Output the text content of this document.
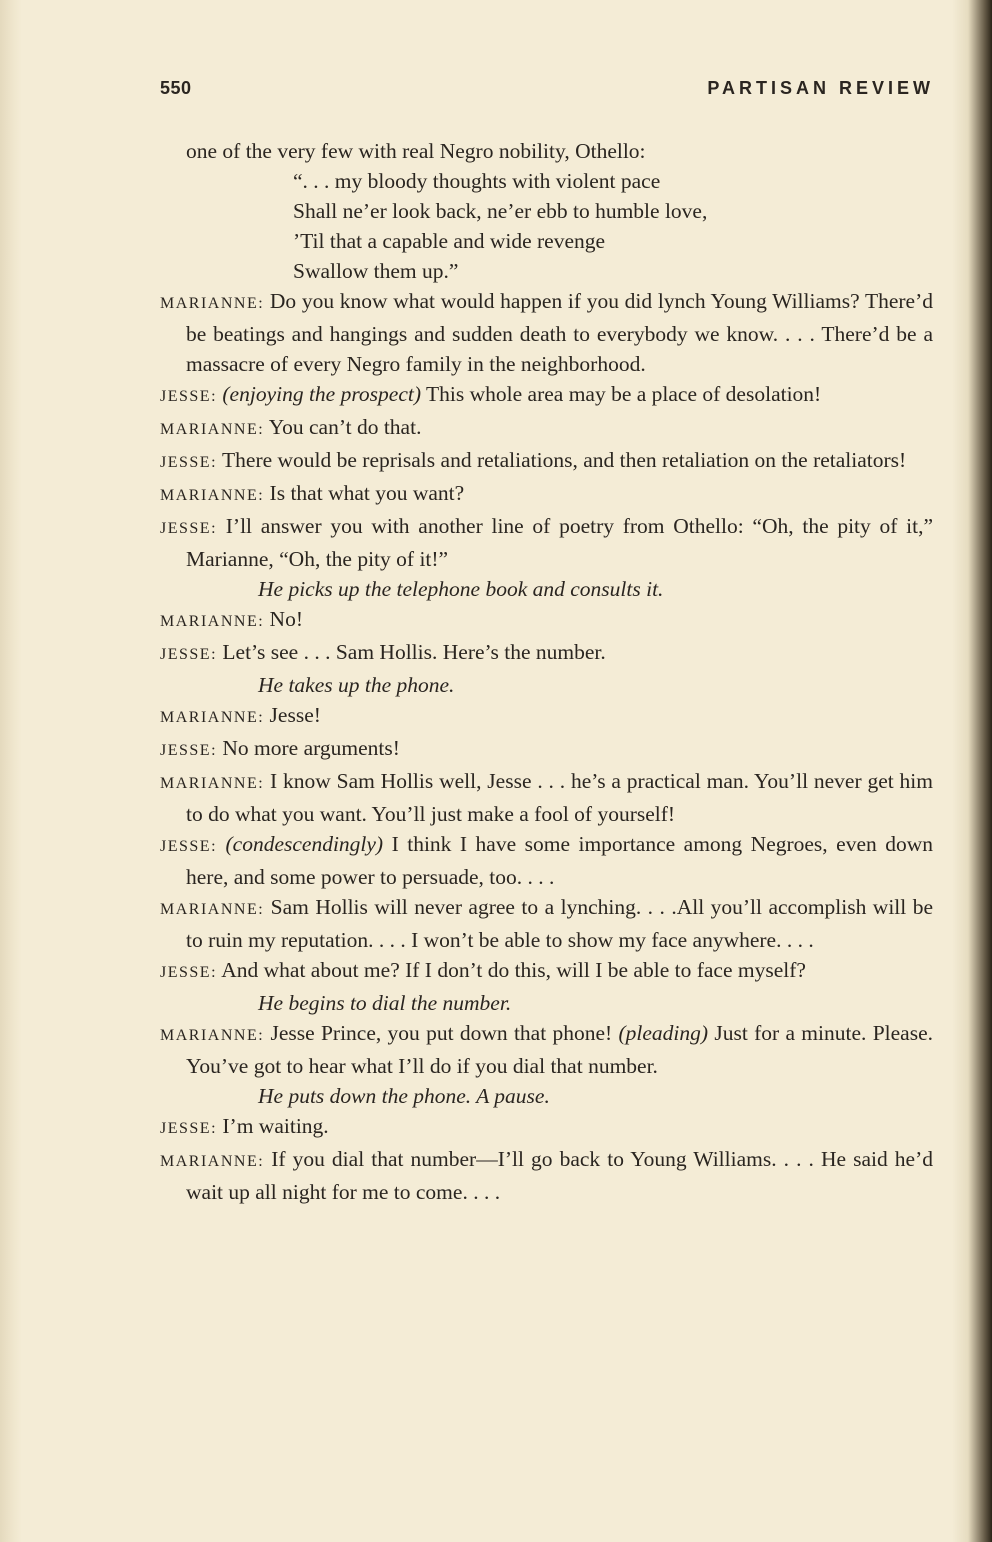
550	PARTISAN REVIEW
one of the very few with real Negro nobility, Othello:
“. . . my bloody thoughts with violent pace
Shall ne’er look back, ne’er ebb to humble love,
’Til that a capable and wide revenge
Swallow them up.”
MARIANNE: Do you know what would happen if you did lynch Young Williams? There’d be beatings and hangings and sudden death to everybody we know. . . . There’d be a massacre of every Negro family in the neighborhood.
JESSE: (enjoying the prospect) This whole area may be a place of desolation!
MARIANNE: You can’t do that.
JESSE: There would be reprisals and retaliations, and then retaliation on the retaliators!
MARIANNE: Is that what you want?
JESSE: I’ll answer you with another line of poetry from Othello: “Oh, the pity of it,” Marianne, “Oh, the pity of it!”
He picks up the telephone book and consults it.
MARIANNE: No!
JESSE: Let’s see . . . Sam Hollis. Here’s the number.
He takes up the phone.
MARIANNE: Jesse!
JESSE: No more arguments!
MARIANNE: I know Sam Hollis well, Jesse . . . he’s a practical man. You’ll never get him to do what you want. You’ll just make a fool of yourself!
JESSE: (condescendingly) I think I have some importance among Negroes, even down here, and some power to persuade, too. . . .
MARIANNE: Sam Hollis will never agree to a lynching. . . .All you’ll accomplish will be to ruin my reputation. . . . I won’t be able to show my face anywhere. . . .
JESSE: And what about me? If I don’t do this, will I be able to face myself?
He begins to dial the number.
MARIANNE: Jesse Prince, you put down that phone! (pleading) Just for a minute. Please. You’ve got to hear what I’ll do if you dial that number.
He puts down the phone. A pause.
JESSE: I’m waiting.
MARIANNE: If you dial that number—I’ll go back to Young Williams. . . . He said he’d wait up all night for me to come. . . .
